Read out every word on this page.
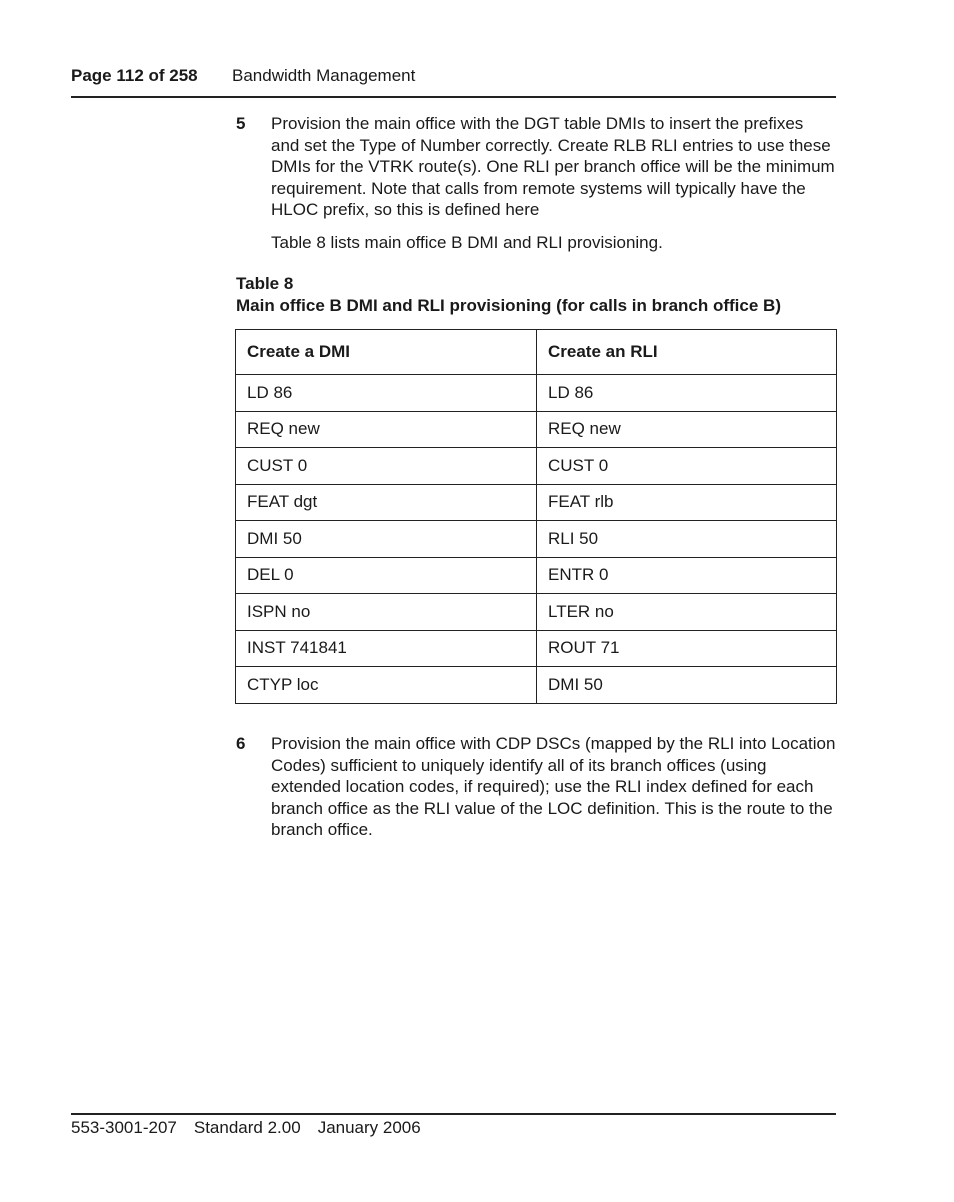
Page 112 of 258 Bandwidth Management
5 Provision the main office with the DGT table DMIs to insert the prefixes and set the Type of Number correctly. Create RLB RLI entries to use these DMIs for the VTRK route(s). One RLI per branch office will be the minimum requirement. Note that calls from remote systems will typically have the HLOC prefix, so this is defined here
Table 8 lists main office B DMI and RLI provisioning.
Table 8
Main office B DMI and RLI provisioning (for calls in branch office B)
Create a DMI	Create an RLI
LD 86	LD 86
REQ new	REQ new
CUST 0	CUST 0
FEAT dgt	FEAT rlb
DMI 50	RLI 50
DEL 0	ENTR 0
ISPN no	LTER no
INST 741841	ROUT 71
CTYP loc	DMI 50
6 Provision the main office with CDP DSCs (mapped by the RLI into Location Codes) sufficient to uniquely identify all of its branch offices (using extended location codes, if required); use the RLI index defined for each branch office as the RLI value of the LOC definition. This is the route to the branch office.
553-3001-207 Standard 2.00 January 2006
